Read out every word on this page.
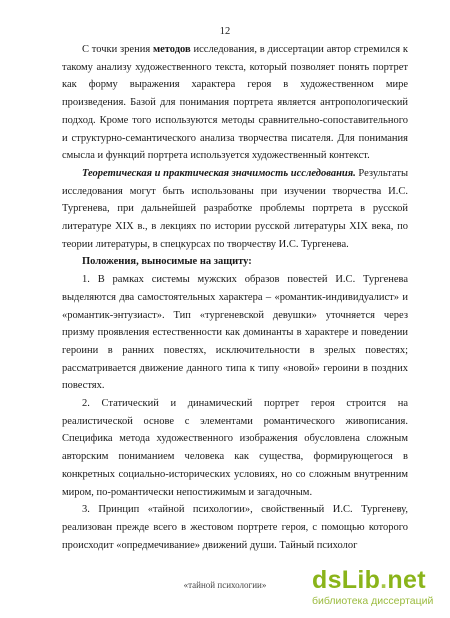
12

С точки зрения методов исследования, в диссертации автор стремился к такому анализу художественного текста, который позволяет понять портрет как форму выражения характера героя в художественном мире произведения. Базой для понимания портрета является антропологический подход. Кроме того используются методы сравнительно-сопоставительного и структурно-семантического анализа творчества писателя. Для понимания смысла и функций портрета используется художественный контекст.

Теоретическая и практическая значимость исследования. Результаты исследования могут быть использованы при изучении творчества И.С. Тургенева, при дальнейшей разработке проблемы портрета в русской литературе XIX в., в лекциях по истории русской литературы XIX века, по теории литературы, в спецкурсах по творчеству И.С. Тургенева.

Положения, выносимые на защиту:

1. В рамках системы мужских образов повестей И.С. Тургенева выделяются два самостоятельных характера – «романтик-индивидуалист» и «романтик-энтузиаст». Тип «тургеневской девушки» уточняется через призму проявления естественности как доминанты в характере и поведении героини в ранних повестях, исключительности в зрелых повестях; рассматривается движение данного типа к типу «новой» героини в поздних повестях.

2. Статический и динамический портрет героя строится на реалистической основе с элементами романтического живописания. Специфика метода художественного изображения обусловлена сложным авторским пониманием человека как существа, формирующегося в конкретных социально-исторических условиях, но со сложным внутренним миром, по-романтически непостижимым и загадочным.

3. Принцип «тайной психологии», свойственный И.С. Тургеневу, реализован прежде всего в жестовом портрете героя, с помощью которого происходит «опредмечивание» движений души. Тайный психолог

«тайной психологии»	dsLib.net
библиотека диссертаций
